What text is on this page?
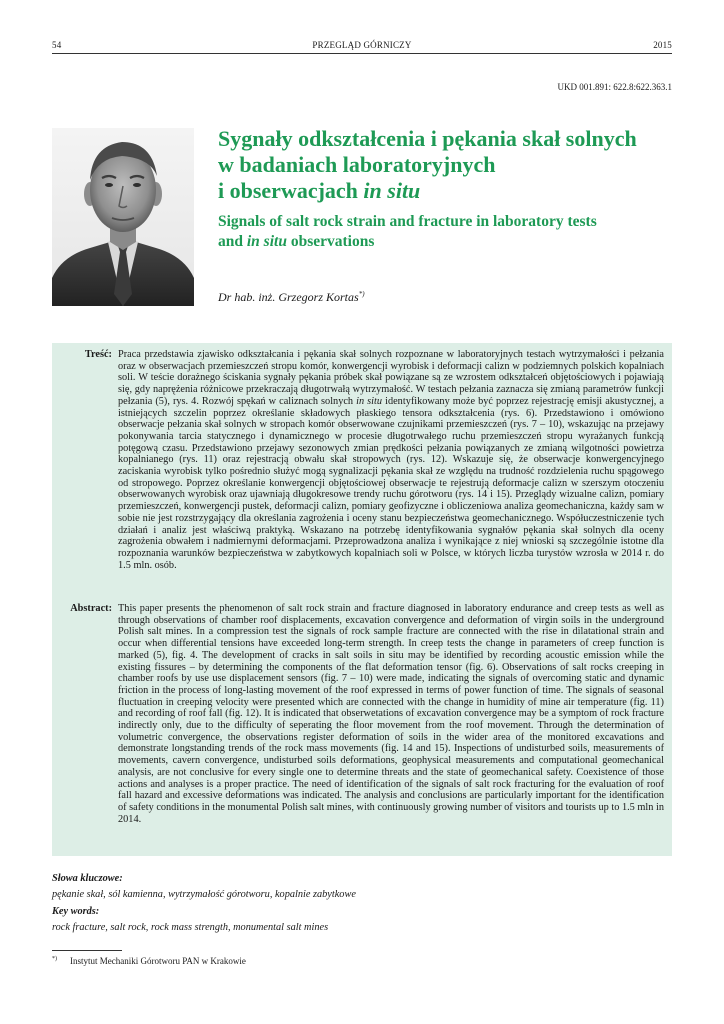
54	PRZEGLĄD GÓRNICZY	2015
UKD 001.891: 622.8:622.363.1
Sygnały odkształcenia i pękania skał solnych
w badaniach laboratoryjnych
i obserwacjach in situ
Signals of salt rock strain and fracture in laboratory tests
and in situ observations
Dr hab. inż. Grzegorz Kortas*)
Treść: Praca przedstawia zjawisko odkształcania i pękania skał solnych rozpoznane w laboratoryjnych testach wytrzymałości i pełzania oraz w obserwacjach przemieszczeń stropu komór, konwergencji wyrobisk i deformacji calizn w podziemnych polskich kopalniach soli. W teście dorażnego ściskania sygnały pękania próbek skał powiązane są ze wzrostem odkształceń objętościowych i pojawiają się, gdy naprężenia różnicowe przekraczają długotrwałą wytrzymałość. W testach pełzania zaznacza się zmianą parametrów funkcji pełzania (5), rys. 4. Rozwój spękań w caliznach solnych in situ identyfikowany może być poprzez rejestrację emisji akustycznej, a istniejących szczelin poprzez określanie składowych płaskiego tensora odkształcenia (rys. 6). Przedstawiono i omówiono obserwacje pełzania skał solnych w stropach komór obserwowane czujnikami przemieszczeń (rys. 7 – 10), wskazując na przejawy pokonywania tarcia statycznego i dynamicznego w procesie długotrwałego ruchu przemieszczeń stropu wyrażanych funkcją potęgową czasu. Przedstawiono przejawy sezonowych zmian prędkości pełzania powiązanych ze zmianą wilgotności powietrza kopalnianego (rys. 11) oraz rejestracją obwału skał stropowych (rys. 12). Wskazuje się, że obserwacje konwergencyjnego zaciskania wyrobisk tylko pośrednio służyć mogą sygnalizacji pękania skał ze względu na trudność rozdzielenia ruchu spągowego od stropowego. Poprzez określanie konwergencji objętościowej obserwacje te rejestrują deformacje calizn w szerszym otoczeniu obserwowanych wyrobisk oraz ujawniają długokresowe trendy ruchu górotworu (rys. 14 i 15). Przeglądy wizualne calizn, pomiary przemieszczeń, konwergencji pustek, deformacji calizn, pomiary geofizyczne i obliczeniowa analiza geomechaniczna, każdy sam w sobie nie jest rozstrzygający dla określania zagrożenia i oceny stanu bezpieczeństwa geomechanicznego. Współuczestniczenie tych działań i analiz jest właściwą praktyką. Wskazano na potrzebę identyfikowania sygnałów pękania skał solnych dla oceny zagrożenia obwałem i nadmiernymi deformacjami. Przeprowadzona analiza i wynikające z niej wnioski są szczególnie istotne dla rozpoznania warunków bezpieczeństwa w zabytkowych kopalniach soli w Polsce, w których liczba turystów wzrosła w 2014 r. do 1.5 mln. osób.
Abstract: This paper presents the phenomenon of salt rock strain and fracture diagnosed in laboratory endurance and creep tests as well as through observations of chamber roof displacements, excavation convergence and deformation of virgin soils in the underground Polish salt mines. In a compression test the signals of rock sample fracture are connected with the rise in dilatational strain and occur when differential tensions have exceeded long-term strength. In creep tests the change in parameters of creep function is marked (5), fig. 4. The development of cracks in salt soils in situ may be identified by recording acoustic emission while the existing fissures – by determining the components of the flat deformation tensor (fig. 6). Observations of salt rocks creeping in chamber roofs by use use displacement sensors (fig. 7 – 10) were made, indicating the signals of overcoming static and dynamic friction in the process of long-lasting movement of the roof expressed in terms of power function of time. The signals of seasonal fluctuation in creeping velocity were presented which are connected with the change in humidity of mine air temperature (fig. 11) and recording of roof fall (fig. 12). It is indicated that obserwetations of excavation convergence may be a symptom of rock fracture indirectly only, due to the difficulty of seperating the floor movement from the roof movement. Through the determination of volumetric convergence, the observations register deformation of soils in the wider area of the monitored excavations and demonstrate longstanding trends of the rock mass movements (fig. 14 and 15). Inspections of undisturbed soils, measurements of movements, cavern convergence, undisturbed soils deformations, geophysical measurements and computational geomechanical analysis, are not conclusive for every single one to determine threats and the state of geomechanical safety. Coexistence of those actions and analyses is a proper practice. The need of identification of the signals of salt rock fracturing for the evaluation of roof fall hazard and excessive deformations was indicated. The analysis and conclusions are particularly important for the identification of safety conditions in the monumental Polish salt mines, with continuously growing number of visitors and tourists up to 1.5 mln in 2014.
Słowa kluczowe:
pękanie skał, sól kamienna, wytrzymałość górotworu, kopalnie zabytkowe
Key words:
rock fracture, salt rock, rock mass strength, monumental salt mines
*) Instytut Mechaniki Górotworu PAN w Krakowie
